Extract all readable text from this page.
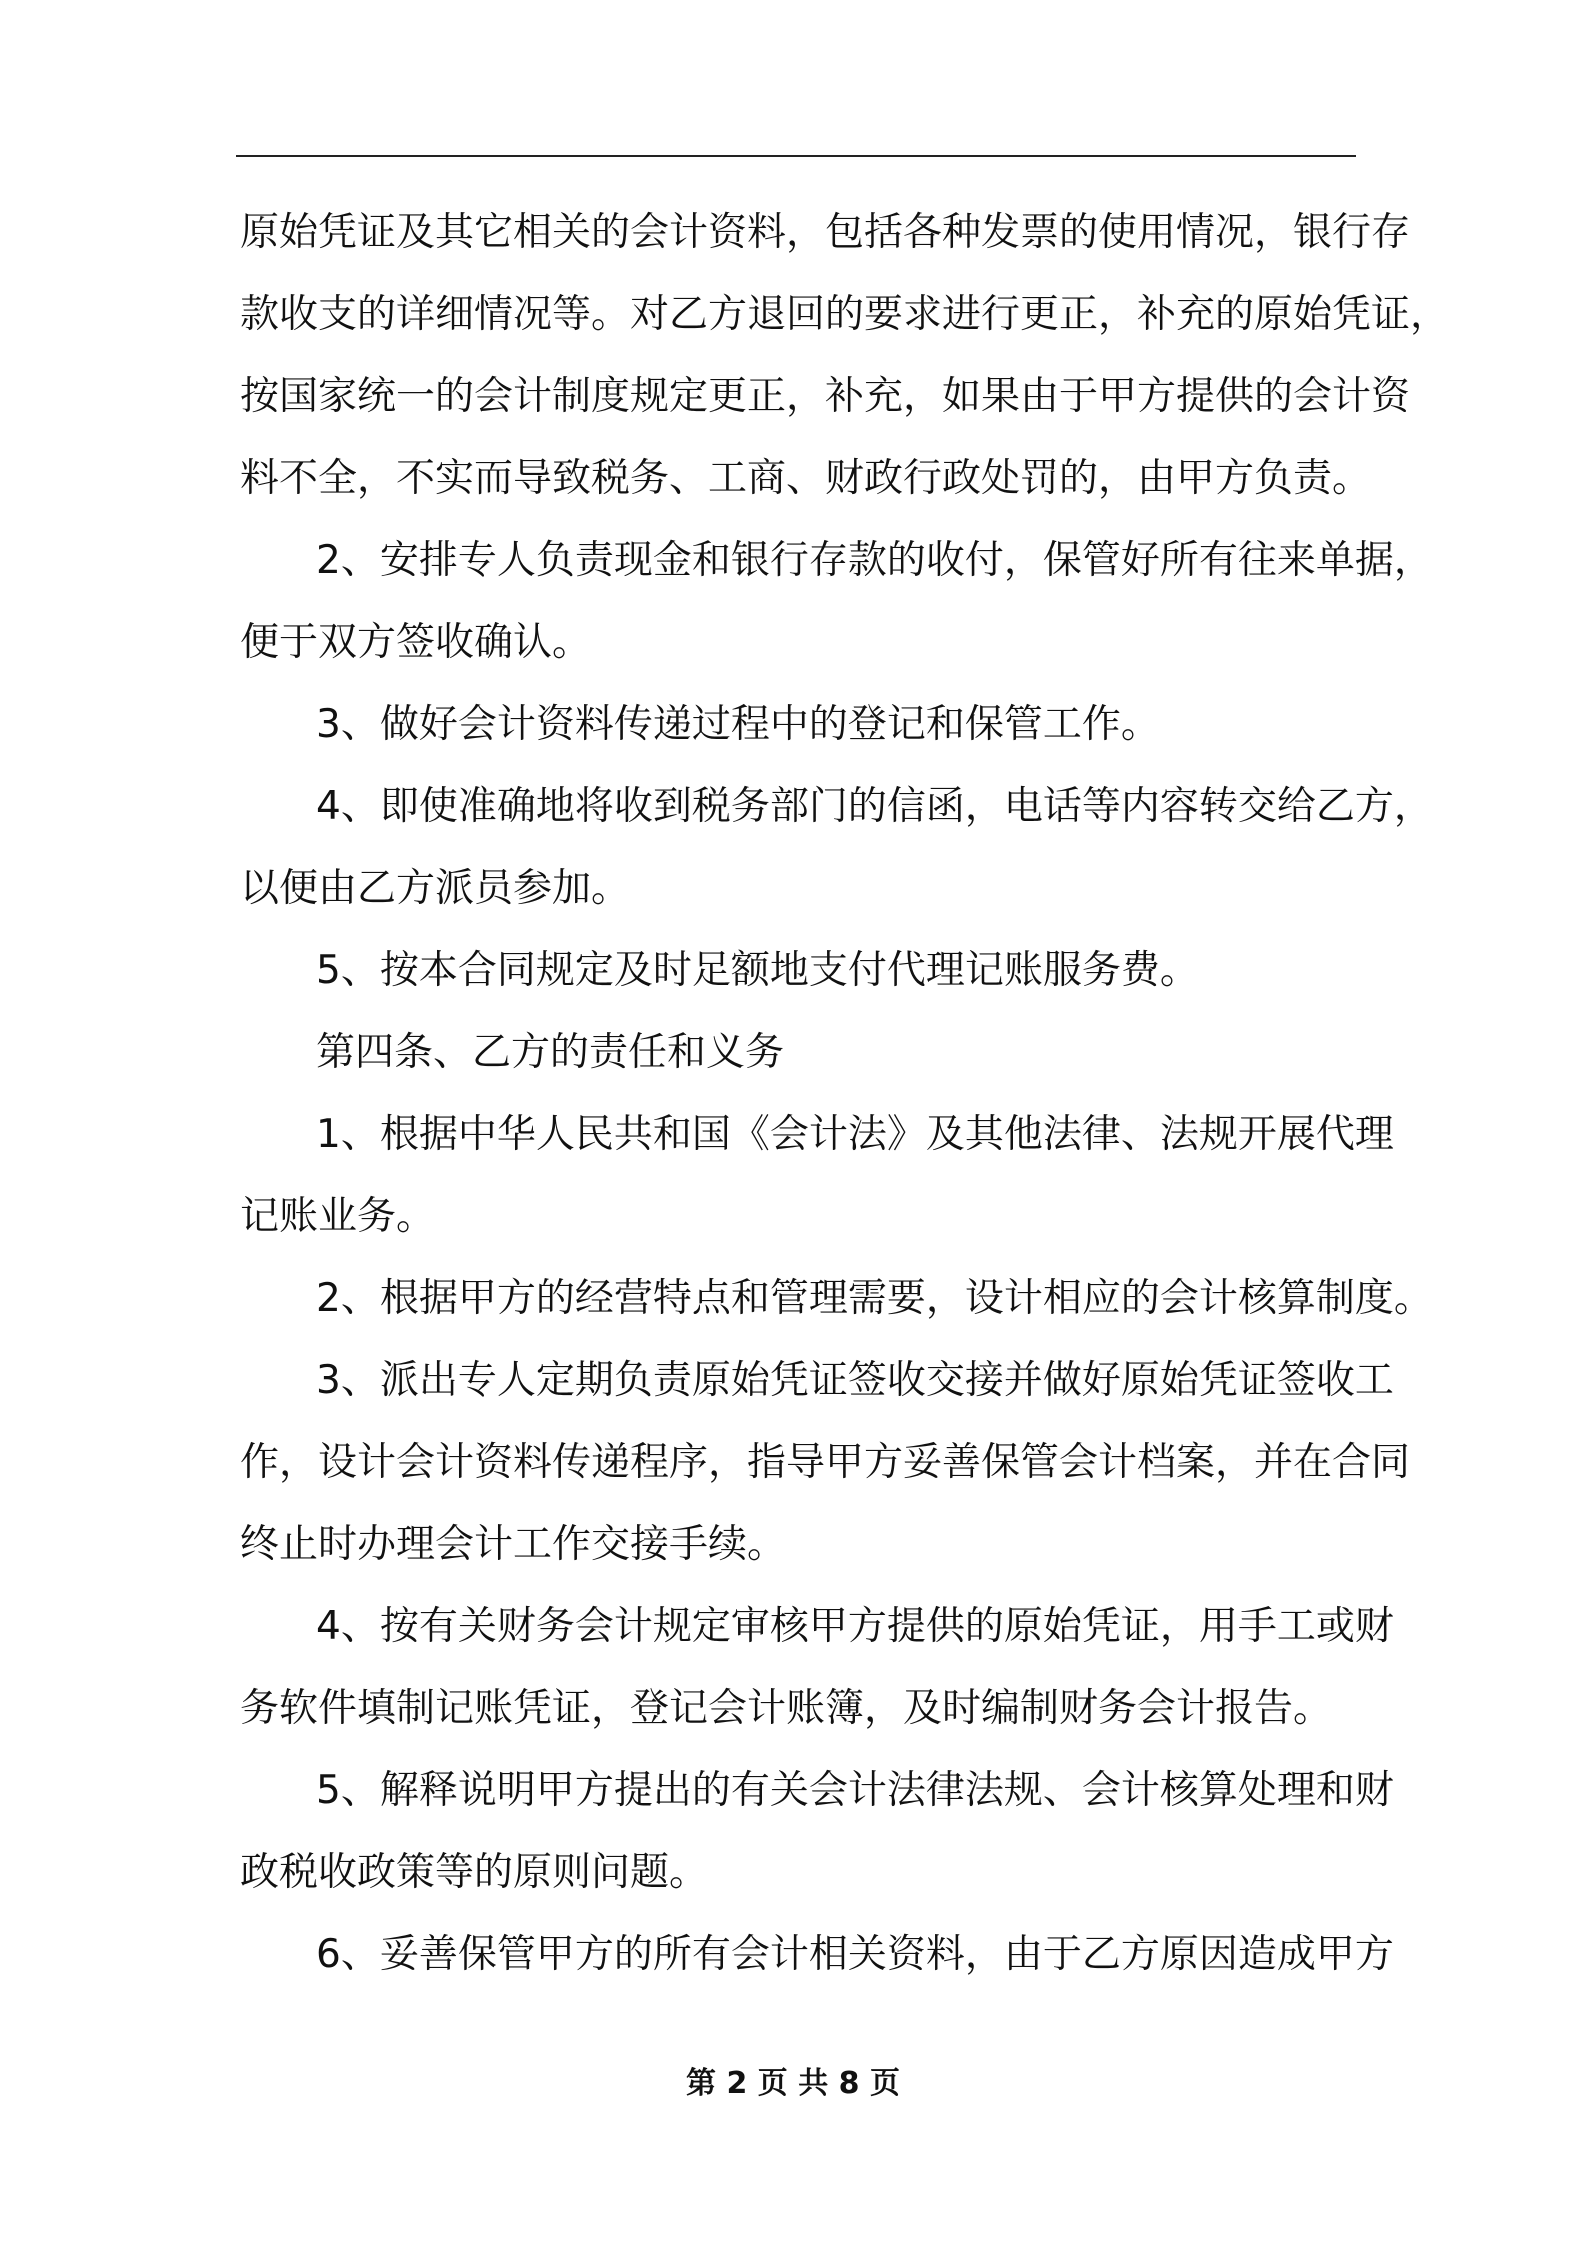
原始凭证及其它相关的会计资料，包括各种发票的使用情况，银行存
款收支的详细情况等。对乙方退回的要求进行更正，补充的原始凭证，
按国家统一的会计制度规定更正，补充，如果由于甲方提供的会计资
料不全，不实而导致税务、工商、财政行政处罚的，由甲方负责。
2、安排专人负责现金和银行存款的收付，保管好所有往来单据，
便于双方签收确认。
3、做好会计资料传递过程中的登记和保管工作。
4、即使准确地将收到税务部门的信函，电话等内容转交给乙方，
以便由乙方派员参加。
5、按本合同规定及时足额地支付代理记账服务费。
第四条、乙方的责任和义务
1、根据中华人民共和国《会计法》及其他法律、法规开展代理
记账业务。
2、根据甲方的经营特点和管理需要，设计相应的会计核算制度。
3、派出专人定期负责原始凭证签收交接并做好原始凭证签收工
作，设计会计资料传递程序，指导甲方妥善保管会计档案，并在合同
终止时办理会计工作交接手续。
4、按有关财务会计规定审核甲方提供的原始凭证，用手工或财
务软件填制记账凭证，登记会计账簿，及时编制财务会计报告。
5、解释说明甲方提出的有关会计法律法规、会计核算处理和财
政税收政策等的原则问题。
6、妥善保管甲方的所有会计相关资料，由于乙方原因造成甲方
第 2 页 共 8 页
